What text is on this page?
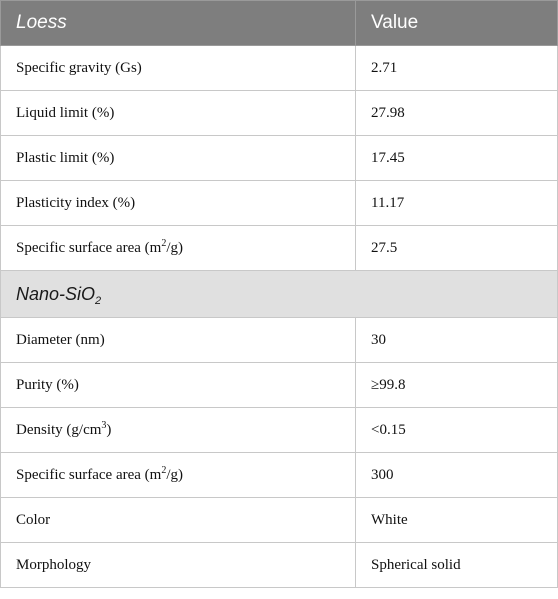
Loess	Value
Specific gravity (Gs)	2.71
Liquid limit (%)	27.98
Plastic limit (%)	17.45
Plasticity index (%)	11.17
Specific surface area $(m^2/g)$	27.5
Nano-SiO$_2$
Diameter (nm)	30
Purity (%)	≥99.8
Density $(g/cm^3)$	<0.15
Specific surface area $(m^2/g)$	300
Color	White
Morphology	Spherical solid
